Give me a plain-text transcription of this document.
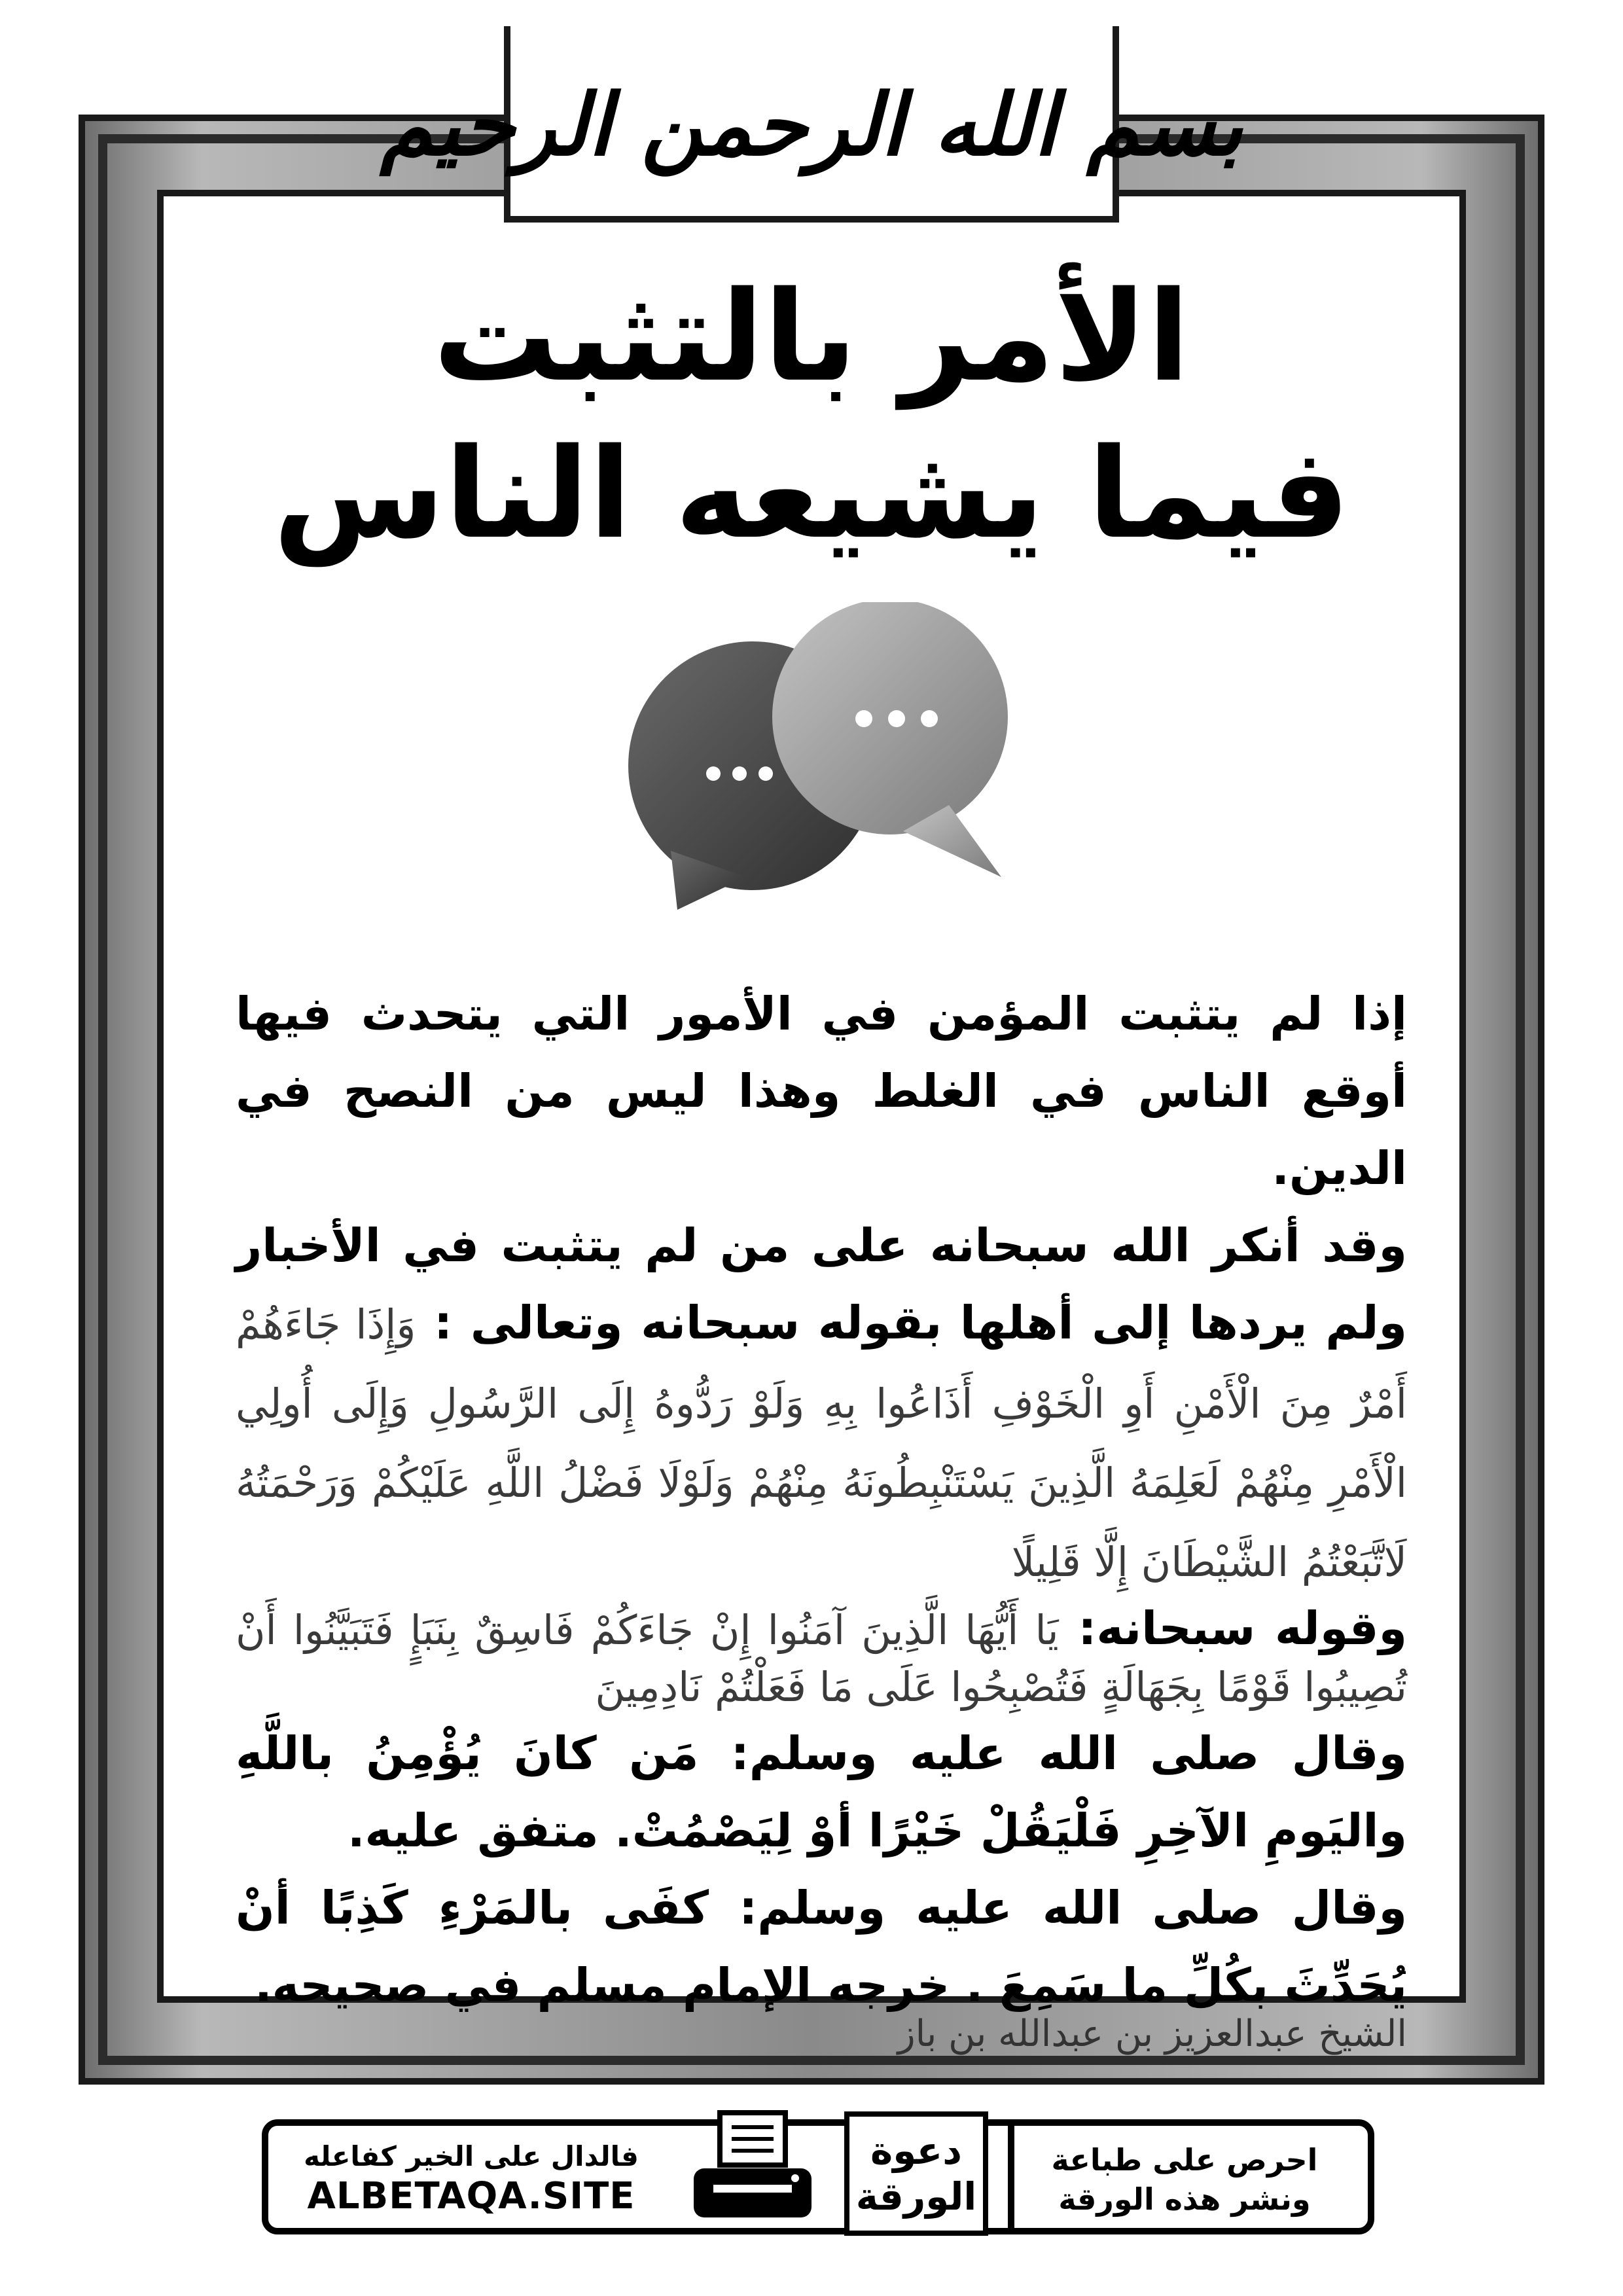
بسم الله الرحمن الرحيم
الأمر بالتثبت
فيما يشيعه الناس

إذا لم يتثبت المؤمن في الأمور التي يتحدث فيها أوقع الناس في الغلط وهذا ليس من النصح في الدين.

وقد أنكر الله سبحانه على من لم يتثبت في الأخبار ولم يردها إلى أهلها بقوله سبحانه وتعالى : وَإِذَا جَاءَهُمْ أَمْرٌ مِنَ الْأَمْنِ أَوِ الْخَوْفِ أَذَاعُوا بِهِ وَلَوْ رَدُّوهُ إِلَى الرَّسُولِ وَإِلَى أُولِي الْأَمْرِ مِنْهُمْ لَعَلِمَهُ الَّذِينَ يَسْتَنْبِطُونَهُ مِنْهُمْ وَلَوْلَا فَضْلُ اللَّهِ عَلَيْكُمْ وَرَحْمَتُهُ لَاتَّبَعْتُمُ الشَّيْطَانَ إِلَّا قَلِيلًا

وقوله سبحانه: يَا أَيُّهَا الَّذِينَ آمَنُوا إِنْ جَاءَكُمْ فَاسِقٌ بِنَبَإٍ فَتَبَيَّنُوا أَنْ تُصِيبُوا قَوْمًا بِجَهَالَةٍ فَتُصْبِحُوا عَلَى مَا فَعَلْتُمْ نَادِمِينَ

وقال صلى الله عليه وسلم: مَن كانَ يُؤْمِنُ باللَّهِ واليَومِ الآخِرِ فَلْيَقُلْ خَيْرًا أوْ لِيَصْمُتْ. متفق عليه.

وقال صلى الله عليه وسلم: كفَى بالمَرْءِ كَذِبًا أنْ يُحَدِّثَ بكُلِّ ما سَمِعَ . خرجه الإمام مسلم في صحيحه.

الشيخ عبدالعزيز بن عبدالله بن باز
فالدال على الخير كفاعله
ALBETAQA.SITE
دعوة
الورقة
احرص على طباعة
ونشر هذه الورقة
